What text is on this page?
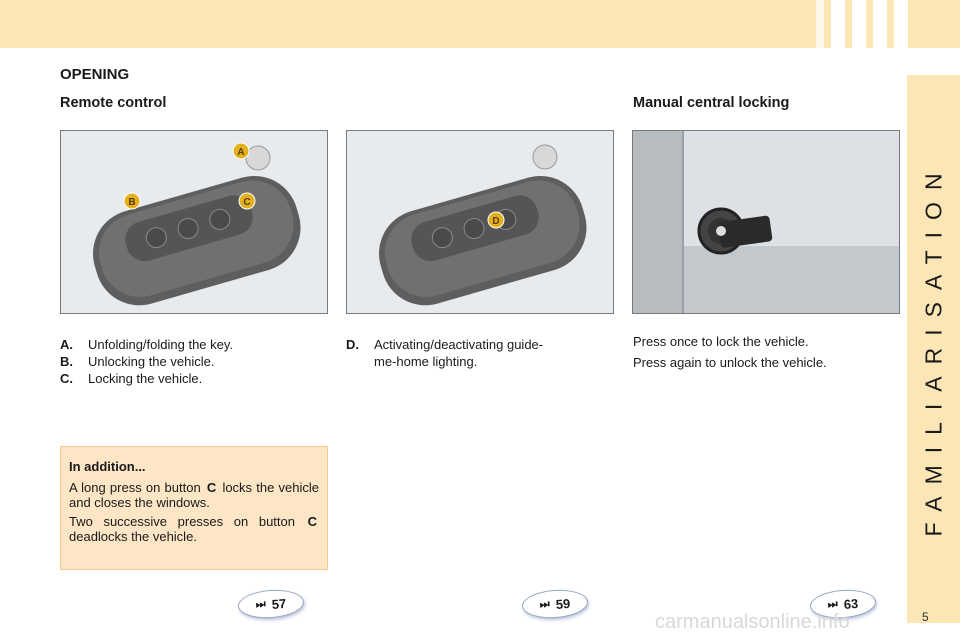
FAMILIARISATION
OPENING
Remote control	Manual central locking
A
B	C
D
A.	Unfolding/folding the key.
B.	Unlocking the vehicle.
C.	Locking the vehicle.
D.	Activating/deactivating guide-me-home lighting.

Press once to lock the vehicle.

Press again to unlock the vehicle.

In addition...

A long press on button C locks the vehicle and closes the windows.

Two successive presses on button C deadlocks the vehicle.

⏭ 57	⏭ 59	⏭ 63
carmanualsonline.info	5
